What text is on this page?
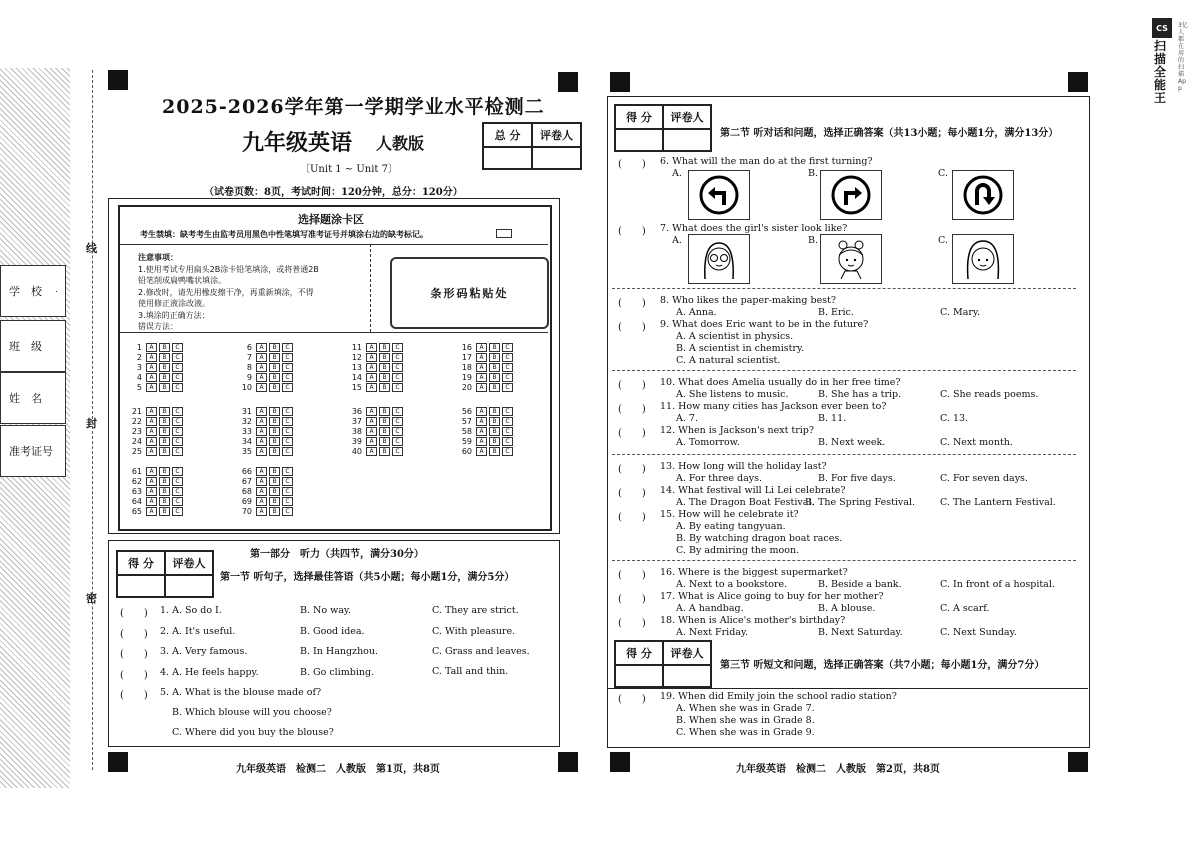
学　校
班　级
姓　名
准考证号
线
封
密
2025-2026学年第一学期学业水平检测二
九年级英语 人教版
〔Unit 1 ~ Unit 7〕
（试卷页数：8页，考试时间：120分钟，总分：120分）
总 分	评卷人
选择题涂卡区
考生禁填：缺考考生由监考员用黑色中性笔填写准考证号并填涂右边的缺考标记。
注意事项：
1.使用考试专用扁头2B涂卡铅笔填涂，或将普通2B
铅笔削成扁鸭嘴状填涂。
2.修改时，请先用橡皮擦干净，再重新填涂，不得
使用修正液涂改液。
3.填涂的正确方法：
错误方法：
条形码粘贴处
1	A	B	C
2	A	B	C
3	A	B	C
4	A	B	C
5	A	B	C
6	A	B	C
7	A	B	C
8	A	B	C
9	A	B	C
10	A	B	C
11	A	B	C
12	A	B	C
13	A	B	C
14	A	B	C
15	A	B	C
16	A	B	C
17	A	B	C
18	A	B	C
19	A	B	C
20	A	B	C
21	A	B	C
22	A	B	C
23	A	B	C
24	A	B	C
25	A	B	C
31	A	B	C
32	A	B	C
33	A	B	C
34	A	B	C
35	A	B	C
36	A	B	C
37	A	B	C
38	A	B	C
39	A	B	C
40	A	B	C
56	A	B	C
57	A	B	C
58	A	B	C
59	A	B	C
60	A	B	C
61	A	B	C
62	A	B	C
63	A	B	C
64	A	B	C
65	A	B	C
66	A	B	C
67	A	B	C
68	A	B	C
69	A	B	C
70	A	B	C
第一部分　听力（共四节，满分30分）
得 分	评卷人
第一节 听句子，选择最佳答语（共5小题；每小题1分，满分5分）
(　　) 1. A. So do I.	B. No way.	C. They are strict.
(　　) 2. A. It's useful.	B. Good idea.	C. With pleasure.
(　　) 3. A. Very famous.	B. In Hangzhou.	C. Grass and leaves.
(　　) 4. A. He feels happy.	B. Go climbing.	C. Tall and thin.
(　　) 5. A. What is the blouse made of?
B. Which blouse will you choose?
C. Where did you buy the blouse?
九年级英语　检测二　人教版　第1页，共8页
得 分	评卷人
第二节 听对话和问题，选择正确答案（共13小题；每小题1分，满分13分）
(　　) 6. What will the man do at the first turning?
A.	B.	C.
(　　) 7. What does the girl's sister look like?
A.	B.	C.
(　　) 8. Who likes the paper-making best?
A. Anna.	B. Eric.	C. Mary.
(　　) 9. What does Eric want to be in the future?
A. A scientist in physics.
B. A scientist in chemistry.
C. A natural scientist.
(　　) 10. What does Amelia usually do in her free time?
A. She listens to music.	B. She has a trip.	C. She reads poems.
(　　) 11. How many cities has Jackson ever been to?
A. 7.	B. 11.	C. 13.
(　　) 12. When is Jackson's next trip?
A. Tomorrow.	B. Next week.	C. Next month.
(　　) 13. How long will the holiday last?
A. For three days.	B. For five days.	C. For seven days.
(　　) 14. What festival will Li Lei celebrate?
A. The Dragon Boat Festival.
B. The Spring Festival.	C. The Lantern Festival.
(　　) 15. How will he celebrate it?
A. By eating tangyuan.
B. By watching dragon boat races.
C. By admiring the moon.
(　　) 16. Where is the biggest supermarket?
A. Next to a bookstore.	B. Beside a bank.	C. In front of a hospital.
(　　) 17. What is Alice going to buy for her mother?
A. A handbag.	B. A blouse.	C. A scarf.
(　　) 18. When is Alice's mother's birthday?
A. Next Friday.	B. Next Saturday.	C. Next Sunday.
得 分	评卷人
第三节 听短文和问题，选择正确答案（共7小题；每小题1分，满分7分）
(　　) 19. When did Emily join the school radio station?
A. When she was in Grade 7.
B. When she was in Grade 8.
C. When she was in Grade 9.
九年级英语　检测二　人教版　第2页，共8页
CS
扫描全能王
3亿人都在用的扫描App
